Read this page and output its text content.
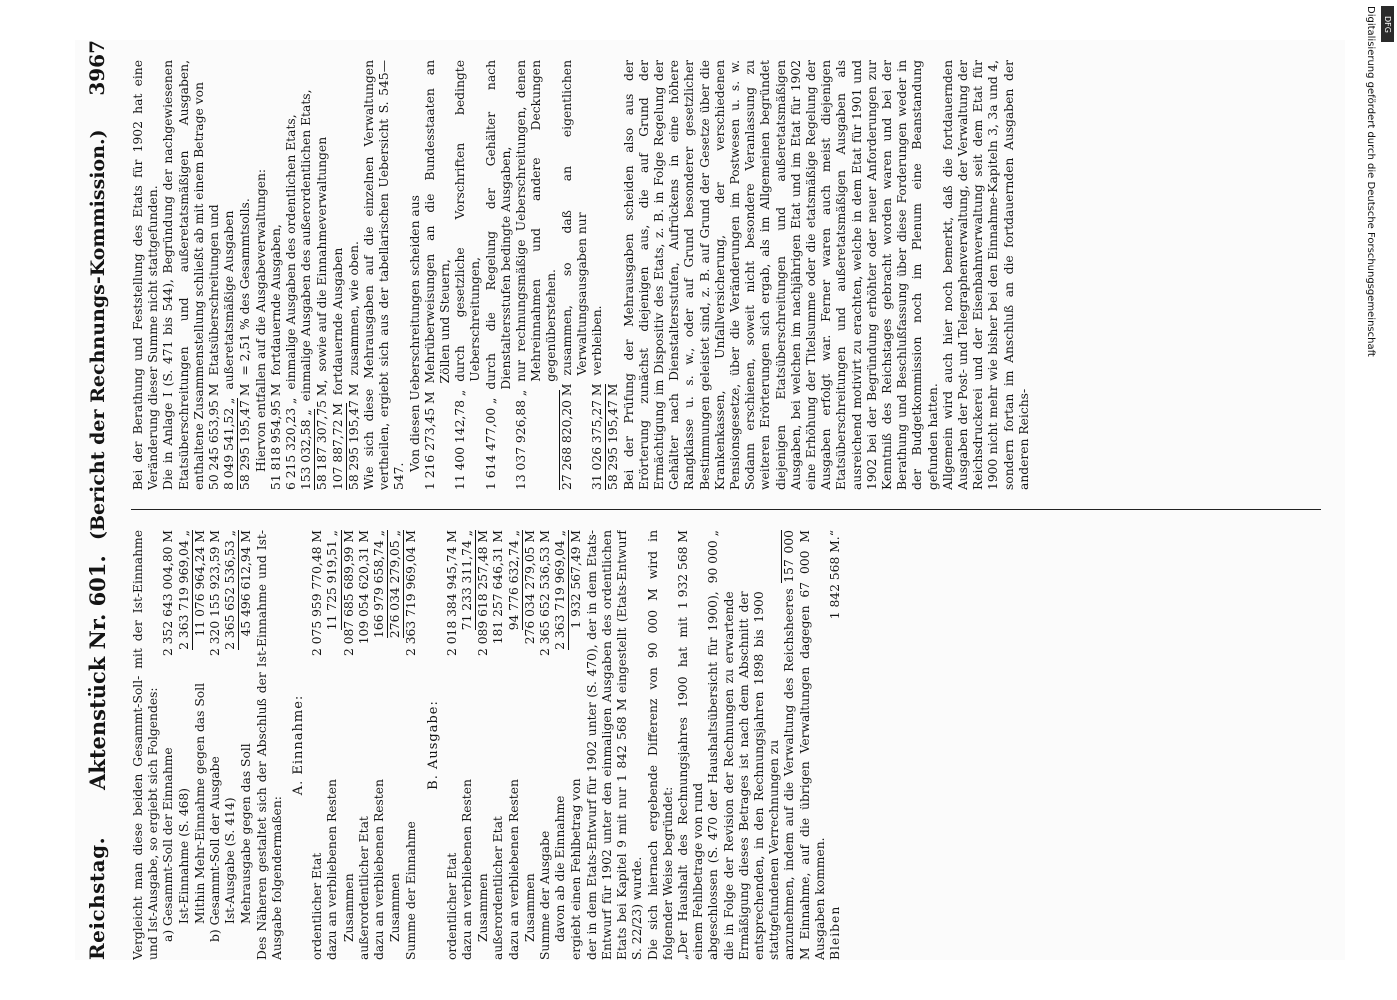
Reichstag.
Aktenstück Nr. 601.
(Bericht der Rechnungs-Kommission.)
3967

Vergleicht man diese beiden Gesammt-Soll- mit der Ist-Einnahme und Ist-Ausgabe, so ergiebt sich Folgendes: a) Gesammt-Soll der Einnahme
2 352 643 004,80 M
Ist-Einnahme (S. 468)
2 363 719 969,04 „
Mithin Mehr-Einnahme gegen das Soll
11 076 964,24 M
b) Gesammt-Soll der Ausgabe
2 320 155 923,59 M
Ist-Ausgabe (S. 414)
2 365 652 536,53 „
Mehrausgabe gegen das Soll
45 496 612,94 M Des Näheren gestaltet sich der Abschluß der Ist-Einnahme und Ist-Ausgabe folgendermaßen:

A. Einnahme:
ordentlicher Etat
2 075 959 770,48 M
dazu an verbliebenen Resten
11 725 919,51 „
Zusammen
2 087 685 689,99 M
außerordentlicher Etat
109 054 620,31 M
dazu an verbliebenen Resten
166 979 658,74 „
Zusammen
276 034 279,05 „
Summe der Einnahme
2 363 719 969,04 M
B. Ausgabe:
ordentlicher Etat
2 018 384 945,74 M
dazu an verbliebenen Resten
71 233 311,74 „
Zusammen
2 089 618 257,48 M
außerordentlicher Etat
181 257 646,31 M
dazu an verbliebenen Resten
94 776 632,74 „
Zusammen
276 034 279,05 M
Summe der Ausgabe
2 365 652 536,53 M
davon ab die Einnahme
2 363 719 969,04 „
ergiebt einen Fehlbetrag von
1 932 567,49 M der in dem Etats-Entwurf für 1902 unter (S. 470), der in dem Etats-Entwurf für 1902 unter den einmaligen Ausgaben des ordentlichen Etats bei Kapitel 9 mit nur 1 842 568 M eingestellt (Etats-Entwurf S. 22/23) wurde. Die sich hiernach ergebende Differenz von 90 000 M wird in folgender Weise begründet: „Der Haushalt des Rechnungsjahres 1900 hat mit einem Fehlbetrage von rund
1 932 568 M
abgeschlossen (S. 470 der Haushaltsübersicht für 1900), die in Folge der Revision der Rechnungen zu erwartende Ermäßigung dieses Betrages ist nach dem Abschnitt der entsprechenden, in den Rechnungsjahren 1898 bis 1900 stattgefundenen Verrechnungen zu
90 000 „	anzunehmen, indem auf die Verwaltung des Reichsheeres 157 000 M Einnahme, auf die übrigen Verwaltungen dagegen 67 000 M Ausgaben kommen. Bleiben
1 842 568 M.“

Bei der Berathung und Feststellung des Etats für 1902 hat eine Veränderung dieser Summe nicht stattgefunden. Die in Anlage I (S. 471 bis 544), Begründung der nachgewiesenen Etatsüberschreitungen und außeretatsmäßigen Ausgaben, enthaltene Zusammenstellung schließt ab mit einem Betrage von 50 245 653,95 M
Etatsüberschreitungen und
8 049 541,52 „
außeretatsmäßige Ausgaben
58 295 195,47 M
= 2,51 % des Gesammtsolls. Hiervon entfallen auf die Ausgabeverwaltungen: 51 818 954,95 M
fortdauernde Ausgaben,
6 215 320,23 „
einmalige Ausgaben des ordentlichen Etats,
153 032,58 „
einmalige Ausgaben des außerordentlichen Etats,
58 187 307,75 M,
sowie auf die Einnahmeverwaltungen
107 887,72 M
fortdauernde Ausgaben
58 295 195,47 M
zusammen, wie oben. Wie sich diese Mehrausgaben auf die einzelnen Verwaltungen vertheilen, ergiebt sich aus der tabellarischen Uebersicht S. 545—547.

Von diesen Ueberschreitungen scheiden aus 1 216 273,45 M
Mehrüberweisungen an die Bundesstaaten an Zöllen und Steuern,
11 400 142,78 „
durch gesetzliche Vorschriften bedingte Ueberschreitungen,
1 614 477,00 „
durch die Regelung der Gehälter nach Dienstaltersstufen bedingte Ausgaben,
13 037 926,88 „
nur rechnungsmäßige Ueberschreitungen, denen Mehreinnahmen und andere Deckungen gegenüberstehen.
27 268 820,20 M
zusammen, so daß an eigentlichen Verwaltungsausgaben nur
31 026 375,27 M
verbleiben.
58 295 195,47 M Bei der Prüfung der Mehrausgaben scheiden also aus der Erörterung zunächst diejenigen aus, die auf Grund der Ermächtigung im Dispositiv des Etats, z. B. in Folge Regelung der Gehälter nach Dienstaltersstufen, Aufrückens in eine höhere Rangklasse u. s. w., oder auf Grund besonderer gesetzlicher Bestimmungen geleistet sind, z. B. auf Grund der Gesetze über die Krankenkassen, Unfallversicherung, der verschiedenen Pensionsgesetze, über die Veränderungen im Postwesen u. s. w. Sodann erschienen, soweit nicht besondere Veranlassung zu weiteren Erörterungen sich ergab, als im Allgemeinen begründet diejenigen Etatsüberschreitungen und außeretatsmäßigen Ausgaben, bei welchen im nachjährigen Etat und im Etat für 1902 eine Erhöhung der Titelsumme oder die etatsmäßige Regelung der Ausgaben erfolgt war. Ferner waren auch meist diejenigen Etatsüberschreitungen und außeretatsmäßigen Ausgaben als ausreichend motivirt zu erachten, welche in dem Etat für 1901 und 1902 bei der Begründung erhöhter oder neuer Anforderungen zur Kenntniß des Reichstages gebracht worden waren und bei der Berathung und Beschlußfassung über diese Forderungen weder in der Budgetkommission noch im Plenum eine Beanstandung gefunden hatten. Allgemein wird auch hier noch bemerkt, daß die fortdauernden Ausgaben der Post- und Telegraphenverwaltung, der Verwaltung der Reichsdruckerei und der Eisenbahnverwaltung seit dem Etat für 1900 nicht mehr wie bisher bei den Einnahme-Kapiteln 3, 3a und 4, sondern fortan im Anschluß an die fortdauernden Ausgaben der anderen Reichs-

Digitalisierung gefördert durch die Deutsche Forschungsgemeinschaft DFG
